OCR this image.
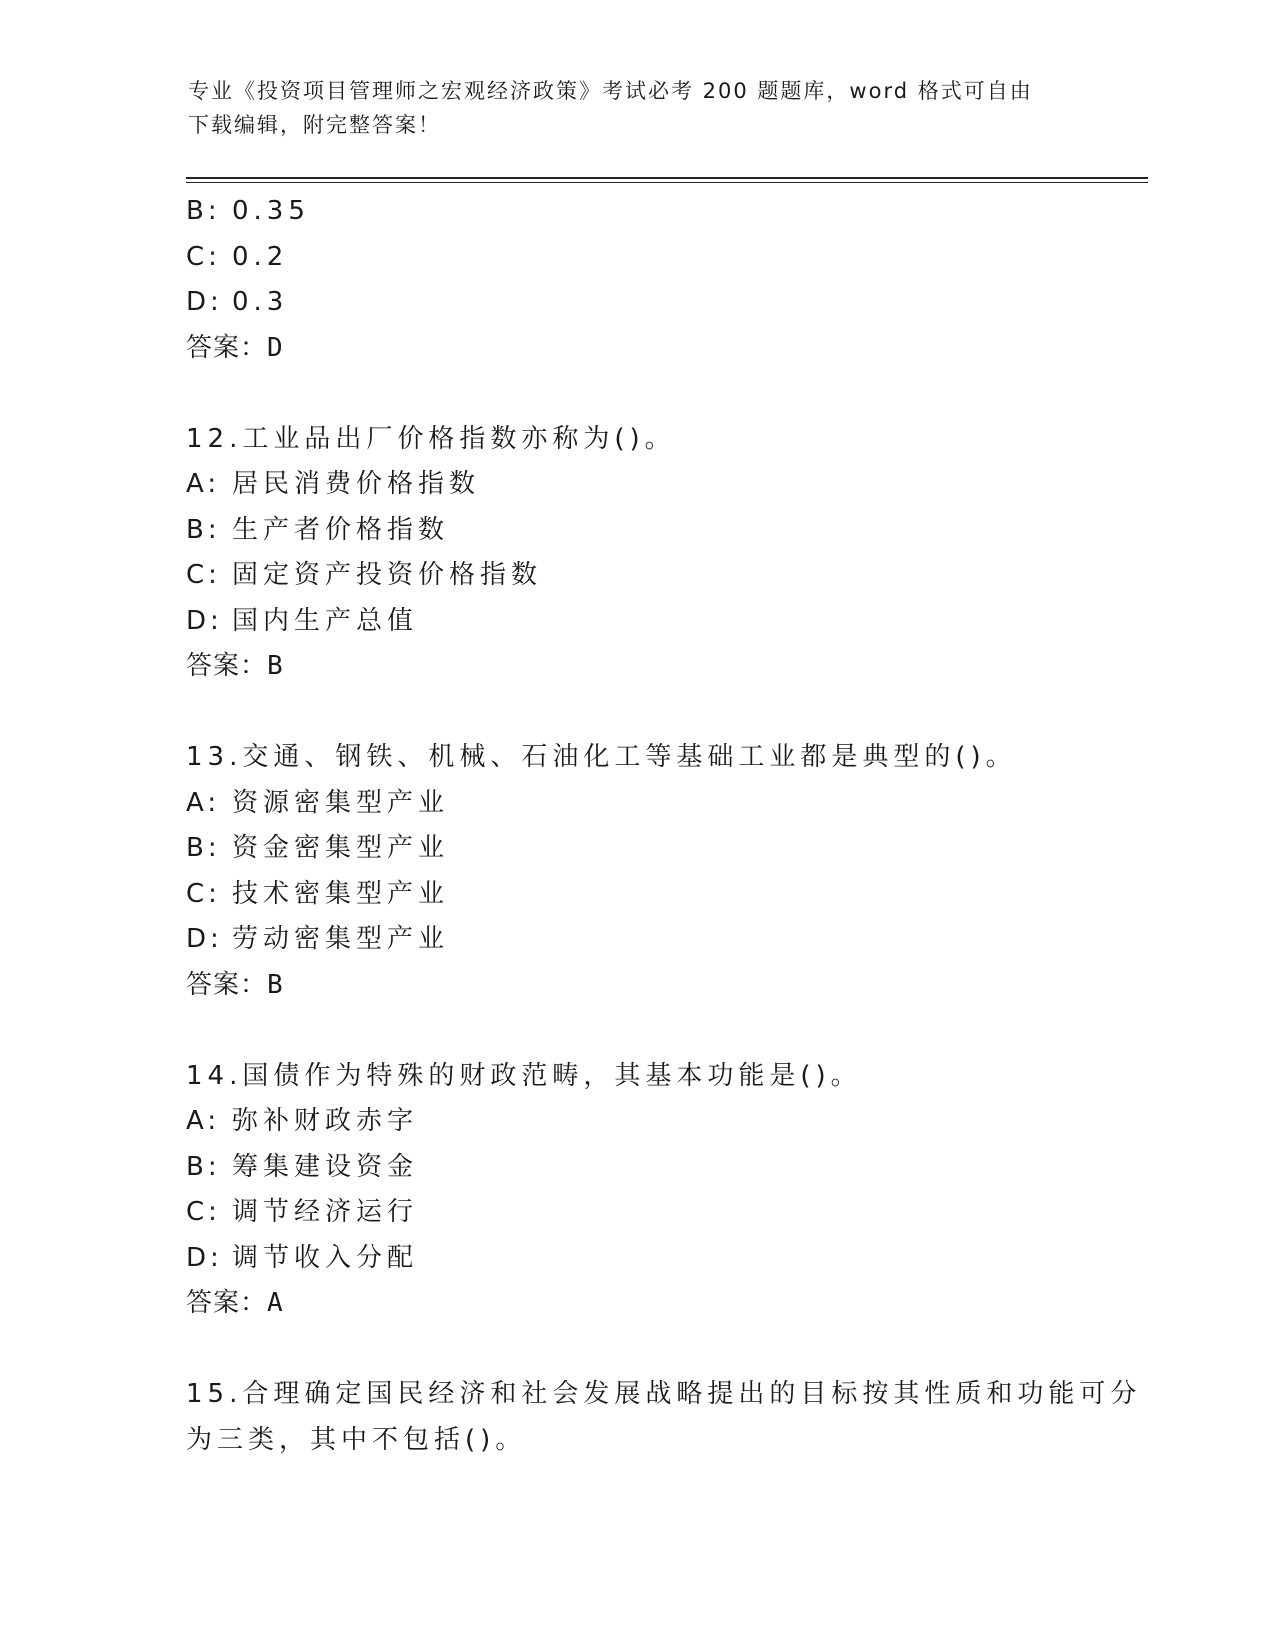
专业《投资项目管理师之宏观经济政策》考试必考 200 题题库，word 格式可自由
下载编辑，附完整答案！
B: 0.35
C: 0.2
D: 0.3
答案：D
12.工业品出厂价格指数亦称为()。
A: 居民消费价格指数
B: 生产者价格指数
C: 固定资产投资价格指数
D: 国内生产总值
答案：B
13.交通、钢铁、机械、石油化工等基础工业都是典型的()。
A: 资源密集型产业
B: 资金密集型产业
C: 技术密集型产业
D: 劳动密集型产业
答案：B
14.国债作为特殊的财政范畴，其基本功能是()。
A: 弥补财政赤字
B: 筹集建设资金
C: 调节经济运行
D: 调节收入分配
答案：A
15.合理确定国民经济和社会发展战略提出的目标按其性质和功能可分
为三类，其中不包括()。
